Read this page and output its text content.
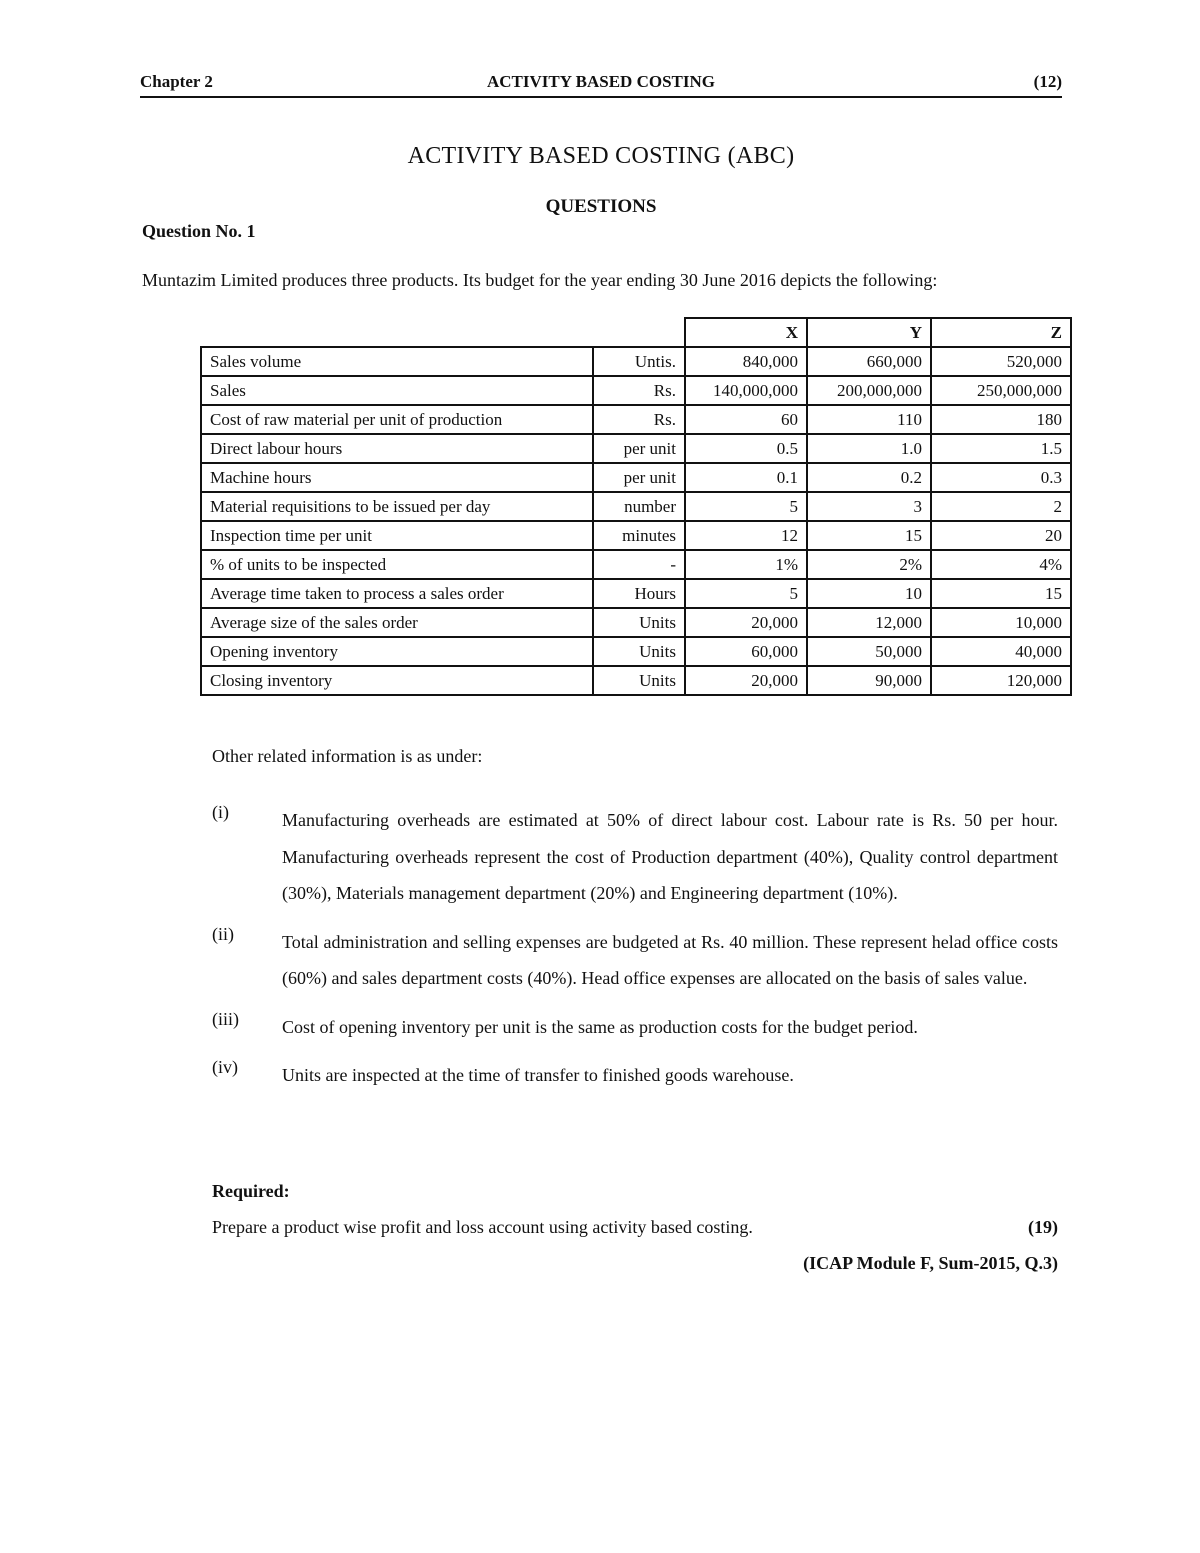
Chapter 2	ACTIVITY BASED COSTING	(12)
ACTIVITY BASED COSTING (ABC)
QUESTIONS
Question No. 1
Muntazim Limited produces three products. Its budget for the year ending 30 June 2016 depicts the following:
		X	Y	Z
Sales volume	Untis.	840,000	660,000	520,000
Sales	Rs.	140,000,000	200,000,000	250,000,000
Cost of raw material per unit of production	Rs.	60	110	180
Direct labour hours	per unit	0.5	1.0	1.5
Machine hours	per unit	0.1	0.2	0.3
Material requisitions to be issued per day	number	5	3	2
Inspection time per unit	minutes	12	15	20
% of units to be inspected	-	1%	2%	4%
Average time taken to process a sales order	Hours	5	10	15
Average size of the sales order	Units	20,000	12,000	10,000
Opening inventory	Units	60,000	50,000	40,000
Closing inventory	Units	20,000	90,000	120,000
Other related information is as under:
(i)	Manufacturing overheads are estimated at 50% of direct labour cost. Labour rate is Rs. 50 per hour. Manufacturing overheads represent the cost of Production department (40%), Quality control department (30%), Materials management department (20%) and Engineering department (10%).
(ii)	Total administration and selling expenses are budgeted at Rs. 40 million. These represent helad office costs (60%) and sales department costs (40%). Head office expenses are allocated on the basis of sales value.
(iii) Cost of opening inventory per unit is the same as production costs for the budget period.
(iv) Units are inspected at the time of transfer to finished goods warehouse.
Required:
Prepare a product wise profit and loss account using activity based costing.	(19)
(ICAP Module F, Sum-2015, Q.3)
